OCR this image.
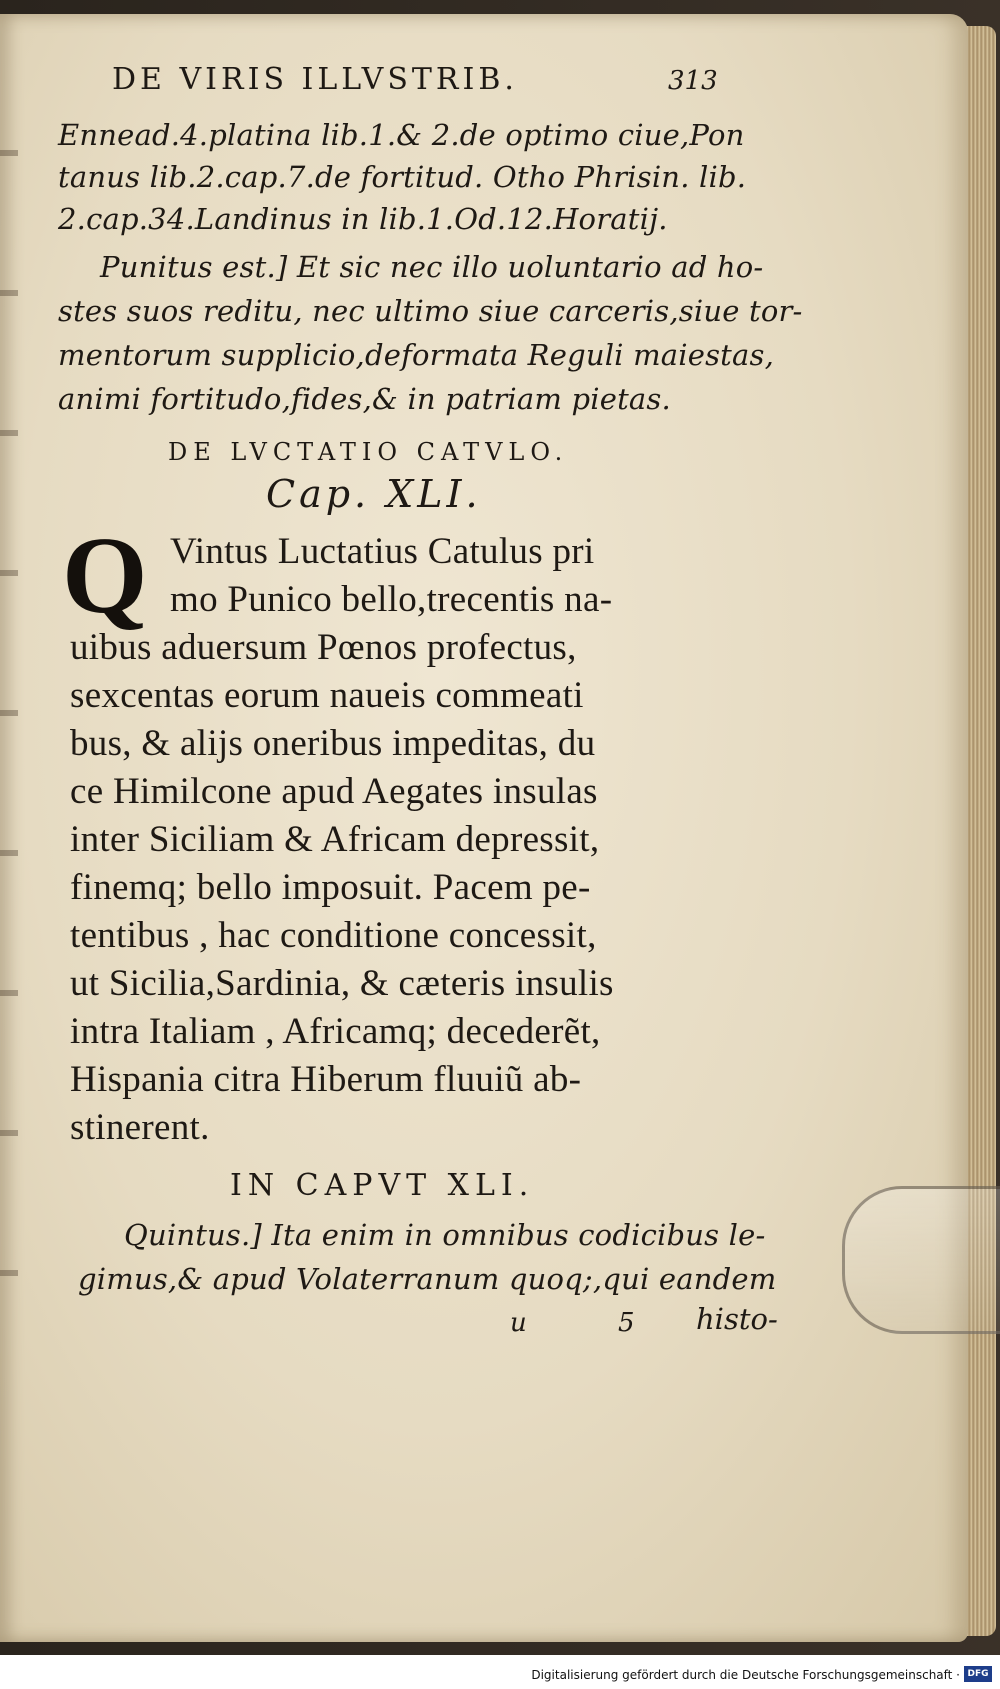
DE VIRIS ILLVSTRIB.	313

Ennead.4.platina lib.1.& 2.de optimo ciue,Pon

tanus lib.2.cap.7.de fortitud. Otho Phrisin. lib.

2.cap.34.Landinus in lib.1.Od.12.Horatij.

Punitus est.] Et sic nec illo uoluntario ad ho-

stes suos reditu, nec ultimo siue carceris,siue tor-

mentorum supplicio,deformata Reguli maiestas,

animi fortitudo,fides,& in patriam pietas.

DE LVCTATIO CATVLO.

Cap. XLI.

Q Vintus Luctatius Catulus pri

mo Punico bello,trecentis na-

uibus aduersum Pœnos profectus,

sexcentas eorum naueis commeati

bus, & alijs oneribus impeditas, du

ce Himilcone apud Aegates insulas

inter Siciliam & Africam depressit,

finemq; bello imposuit. Pacem pe-

tentibus , hac conditione concessit,

ut Sicilia,Sardinia, & cæteris insulis

intra Italiam , Africamq; decederẽt,

Hispania citra Hiberum fluuiũ ab-

stinerent.

IN CAPVT XLI.

Quintus.] Ita enim in omnibus codicibus le-

gimus,& apud Volaterranum quoq;,qui eandem

u	5 histo-
Digitalisierung gefördert durch die Deutsche Forschungsgemeinschaft · DFG
